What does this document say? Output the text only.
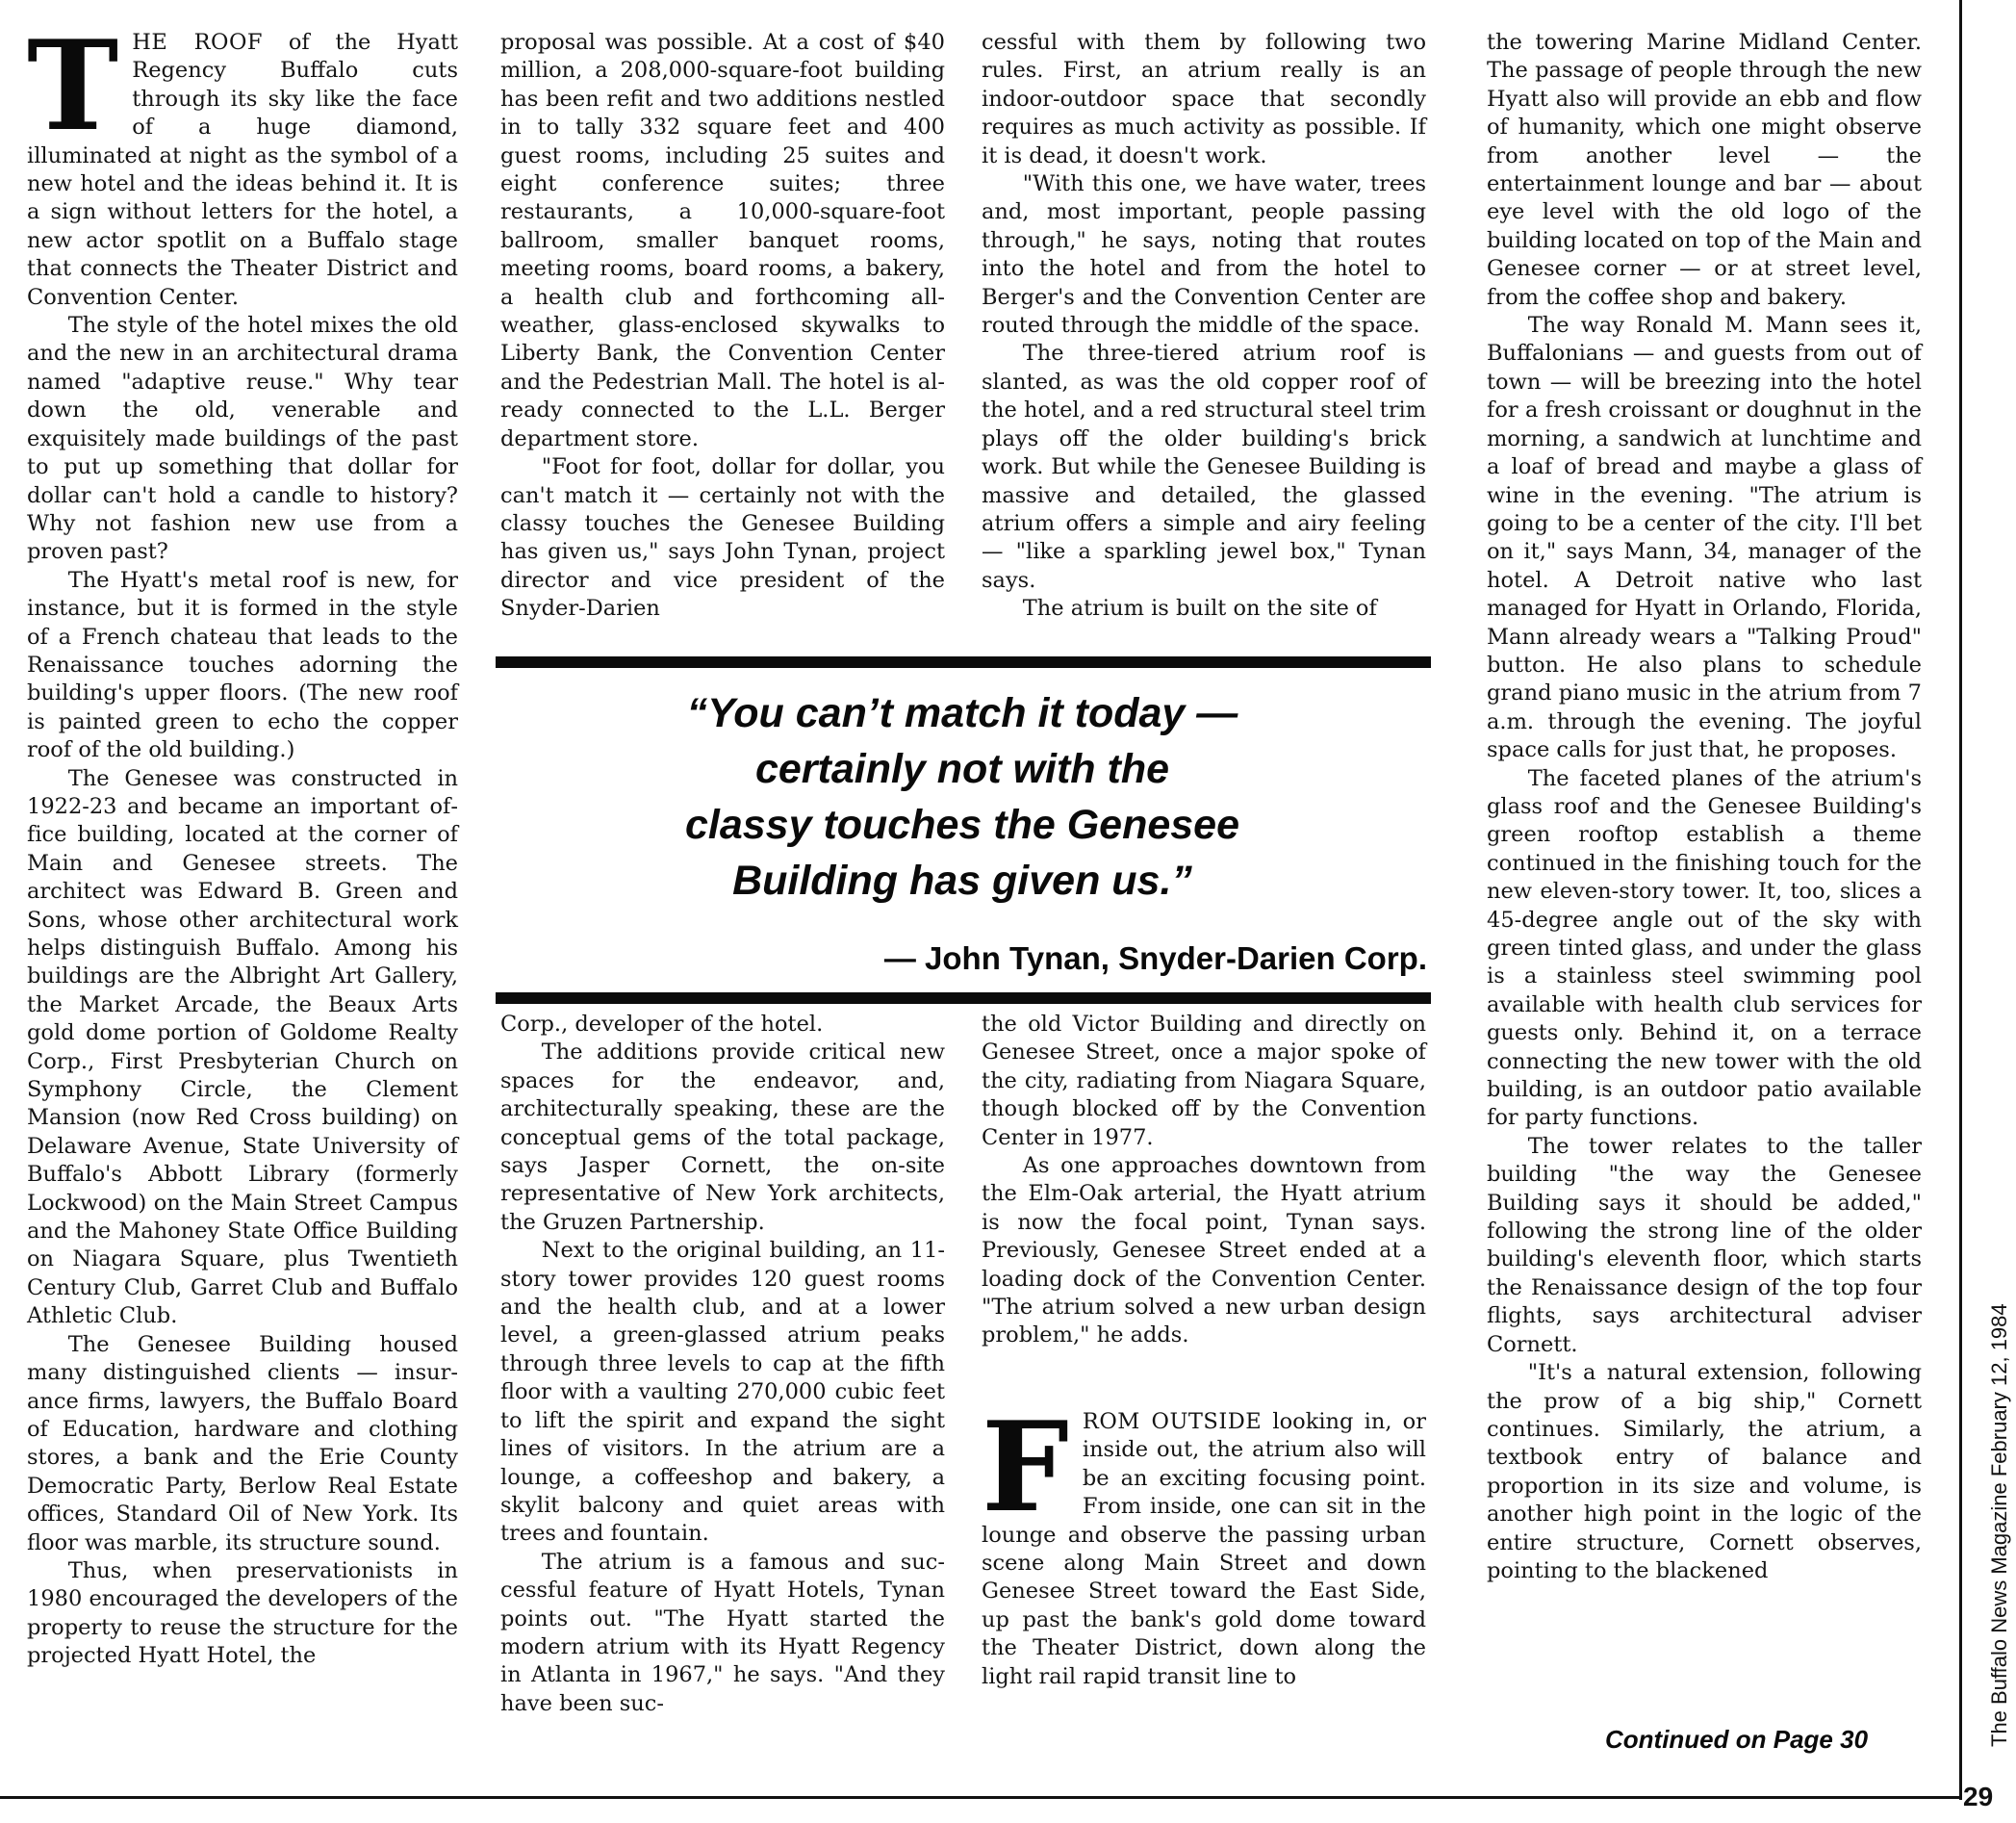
THE ROOF of the Hyatt Regency Buffalo cuts through its sky like the face of a huge diamond, illuminated at night as the symbol of a new hotel and the ideas behind it. It is a sign without letters for the hotel, a new actor spotlit on a Buffalo stage that connects the Theater District and Convention Center.

The style of the hotel mixes the old and the new in an architectural drama named "adaptive reuse." Why tear down the old, venerable and exquisitely made buildings of the past to put up something that dollar for dollar can't hold a candle to history? Why not fashion new use from a proven past?

The Hyatt's metal roof is new, for instance, but it is formed in the style of a French chateau that leads to the Renaissance touches adorning the building's upper floors. (The new roof is painted green to echo the copper roof of the old building.)

The Genesee was constructed in 1922-23 and became an important office building, located at the corner of Main and Genesee streets. The architect was Edward B. Green and Sons, whose other architectural work helps distinguish Buffalo. Among his buildings are the Albright Art Gallery, the Market Arcade, the Beaux Arts gold dome portion of Goldome Realty Corp., First Presbyterian Church on Symphony Circle, the Clement Mansion (now Red Cross building) on Delaware Avenue, State University of Buffalo's Abbott Library (formerly Lockwood) on the Main Street Campus and the Mahoney State Office Building on Niagara Square, plus Twentieth Century Club, Garret Club and Buffalo Athletic Club.

The Genesee Building housed many distinguished clients — insurance firms, lawyers, the Buffalo Board of Education, hardware and clothing stores, a bank and the Erie County Democratic Party, Berlow Real Estate offices, Standard Oil of New York. Its floor was marble, its structure sound.

Thus, when preservationists in 1980 encouraged the developers of the property to reuse the structure for the projected Hyatt Hotel, the

proposal was possible. At a cost of $40 million, a 208,000-square-foot building has been refit and two additions nestled in to tally 332 square feet and 400 guest rooms, including 25 suites and eight conference suites; three restaurants, a 10,000-square-foot ballroom, smaller banquet rooms, meeting rooms, board rooms, a bakery, a health club and forthcoming all-weather, glass-enclosed skywalks to Liberty Bank, the Convention Center and the Pedestrian Mall. The hotel is already connected to the L.L. Berger department store.

"Foot for foot, dollar for dollar, you can't match it — certainly not with the classy touches the Genesee Building has given us," says John Tynan, project director and vice president of the Snyder-Darien

cessful with them by following two rules. First, an atrium really is an indoor-outdoor space that secondly requires as much activity as possible. If it is dead, it doesn't work.

"With this one, we have water, trees and, most important, people passing through," he says, noting that routes into the hotel and from the hotel to Berger's and the Convention Center are routed through the middle of the space.

The three-tiered atrium roof is slanted, as was the old copper roof of the hotel, and a red structural steel trim plays off the older building's brick work. But while the Genesee Building is massive and detailed, the glassed atrium offers a simple and airy feeling — "like a sparkling jewel box," Tynan says.

The atrium is built on the site of

“You can’t match it today —
certainly not with the
classy touches the Genesee
Building has given us.”
— John Tynan, Snyder-Darien Corp.

Corp., developer of the hotel.

The additions provide critical new spaces for the endeavor, and, architecturally speaking, these are the conceptual gems of the total package, says Jasper Cornett, the on-site representative of New York architects, the Gruzen Partnership.

Next to the original building, an 11-story tower provides 120 guest rooms and the health club, and at a lower level, a green-glassed atrium peaks through three levels to cap at the fifth floor with a vaulting 270,000 cubic feet to lift the spirit and expand the sight lines of visitors. In the atrium are a lounge, a coffeeshop and bakery, a skylit balcony and quiet areas with trees and fountain.

The atrium is a famous and successful feature of Hyatt Hotels, Tynan points out. "The Hyatt started the modern atrium with its Hyatt Regency in Atlanta in 1967," he says. "And they have been suc-

the old Victor Building and directly on Genesee Street, once a major spoke of the city, radiating from Niagara Square, though blocked off by the Convention Center in 1977.

As one approaches downtown from the Elm-Oak arterial, the Hyatt atrium is now the focal point, Tynan says. Previously, Genesee Street ended at a loading dock of the Convention Center. "The atrium solved a new urban design problem," he adds.

FROM OUTSIDE looking in, or inside out, the atrium also will be an exciting focusing point. From inside, one can sit in the lounge and observe the passing urban scene along Main Street and down Genesee Street toward the East Side, up past the bank's gold dome toward the Theater District, down along the light rail rapid transit line to

the towering Marine Midland Center. The passage of people through the new Hyatt also will provide an ebb and flow of humanity, which one might observe from another level — the entertainment lounge and bar — about eye level with the old logo of the building located on top of the Main and Genesee corner — or at street level, from the coffee shop and bakery.

The way Ronald M. Mann sees it, Buffalonians — and guests from out of town — will be breezing into the hotel for a fresh croissant or doughnut in the morning, a sandwich at lunchtime and a loaf of bread and maybe a glass of wine in the evening. "The atrium is going to be a center of the city. I'll bet on it," says Mann, 34, manager of the hotel. A Detroit native who last managed for Hyatt in Orlando, Florida, Mann already wears a "Talking Proud" button. He also plans to schedule grand piano music in the atrium from 7 a.m. through the evening. The joyful space calls for just that, he proposes.

The faceted planes of the atrium's glass roof and the Genesee Building's green rooftop establish a theme continued in the finishing touch for the new eleven-story tower. It, too, slices a 45-degree angle out of the sky with green tinted glass, and under the glass is a stainless steel swimming pool available with health club services for guests only. Behind it, on a terrace connecting the new tower with the old building, is an outdoor patio available for party functions.

The tower relates to the taller building "the way the Genesee Building says it should be added," following the strong line of the older building's eleventh floor, which starts the Renaissance design of the top four flights, says architectural adviser Cornett.

"It's a natural extension, following the prow of a big ship," Cornett continues. Similarly, the atrium, a textbook entry of balance and proportion in its size and volume, is another high point in the logic of the entire structure, Cornett observes, pointing to the blackened

Continued on Page 30	The Buffalo News Magazine February 12, 1984
29
